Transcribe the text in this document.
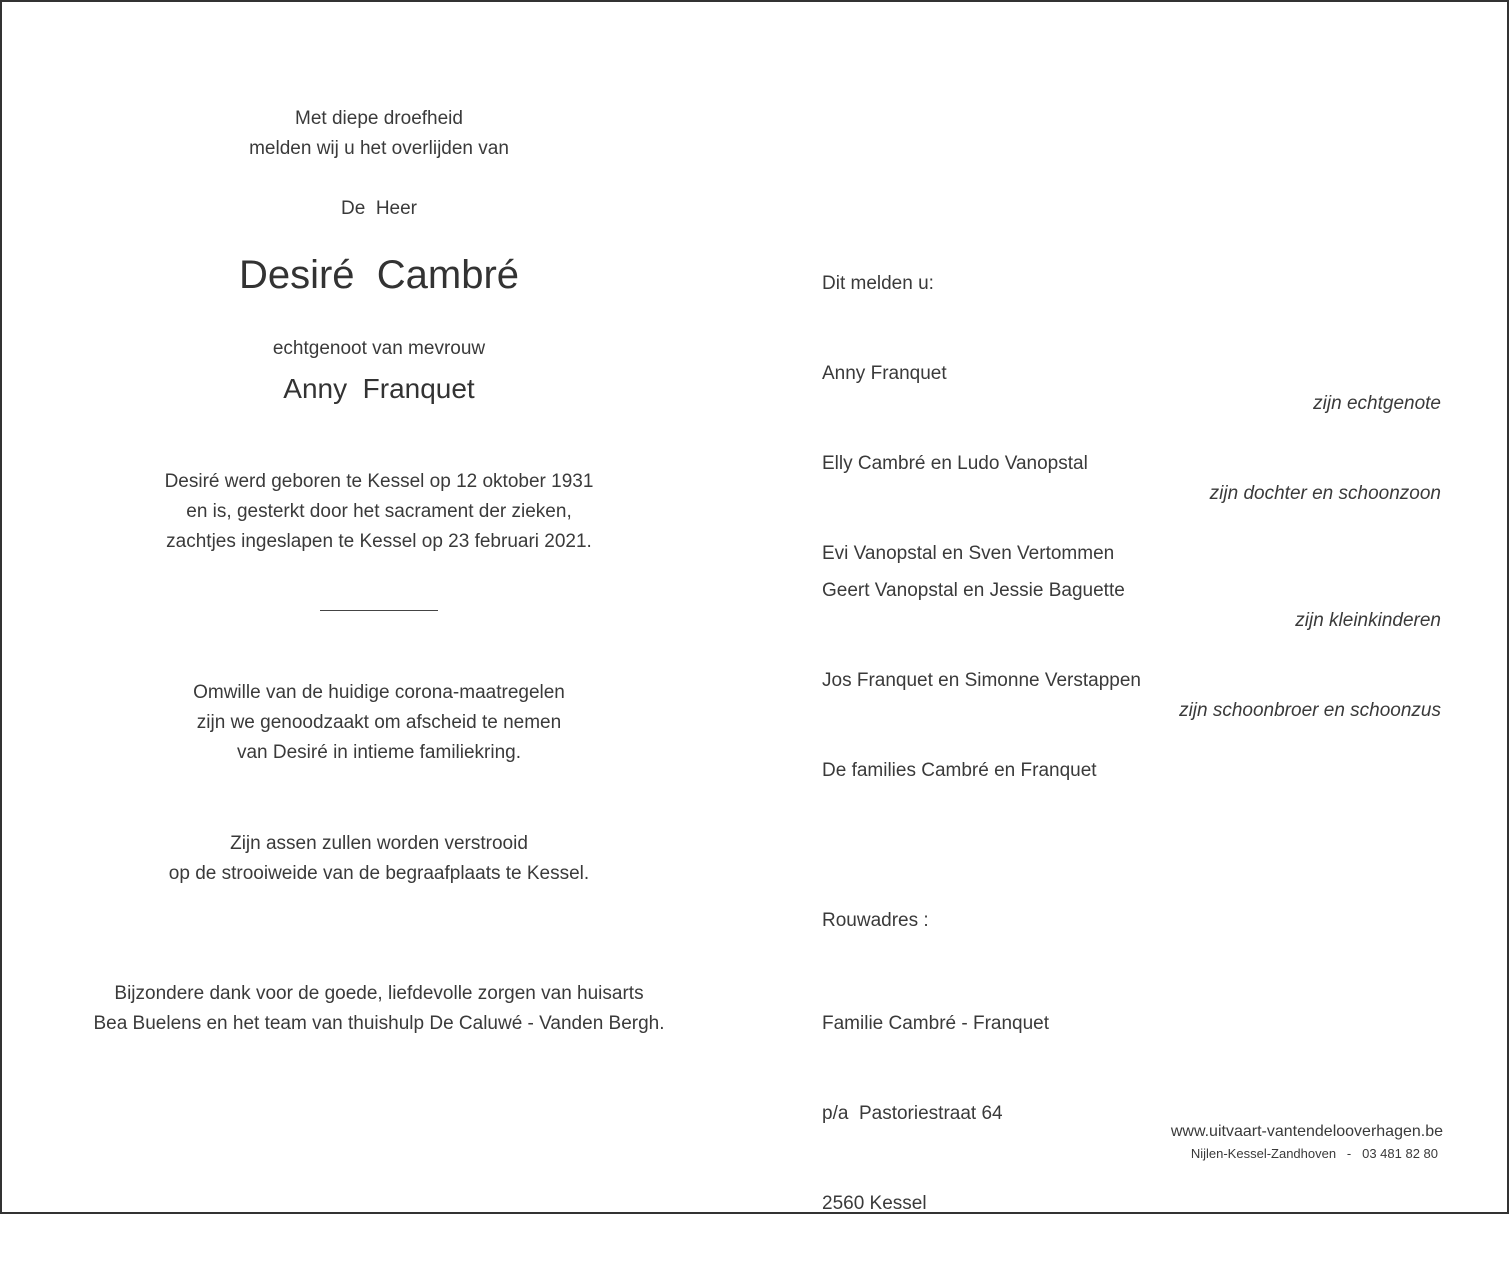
Met diepe droefheid
melden wij u het overlijden van
De  Heer
Desiré  Cambré
echtgenoot van mevrouw
Anny  Franquet
Desiré werd geboren te Kessel op 12 oktober 1931
en is, gesterkt door het sacrament der zieken,
zachtjes ingeslapen te Kessel op 23 februari 2021.
Omwille van de huidige corona-maatregelen
zijn we genoodzaakt om afscheid te nemen
van Desiré in intieme familiekring.
Zijn assen zullen worden verstrooid
op de strooiweide van de begraafplaats te Kessel.
Bijzondere dank voor de goede, liefdevolle zorgen van huisarts
Bea Buelens en het team van thuishulp De Caluwé - Vanden Bergh.
Dit melden u:
Anny Franquet
zijn echtgenote
Elly Cambré en Ludo Vanopstal
zijn dochter en schoonzoon
Evi Vanopstal en Sven Vertommen
Geert Vanopstal en Jessie Baguette
zijn kleinkinderen
Jos Franquet en Simonne Verstappen
zijn schoonbroer en schoonzus
De families Cambré en Franquet
Rouwadres :

Familie Cambré - Franquet

p/a  Pastoriestraat 64

2560 Kessel

www.uitvaart-vantendelooverhagen.be
Nijlen-Kessel-Zandhoven   -   03 481 82 80
